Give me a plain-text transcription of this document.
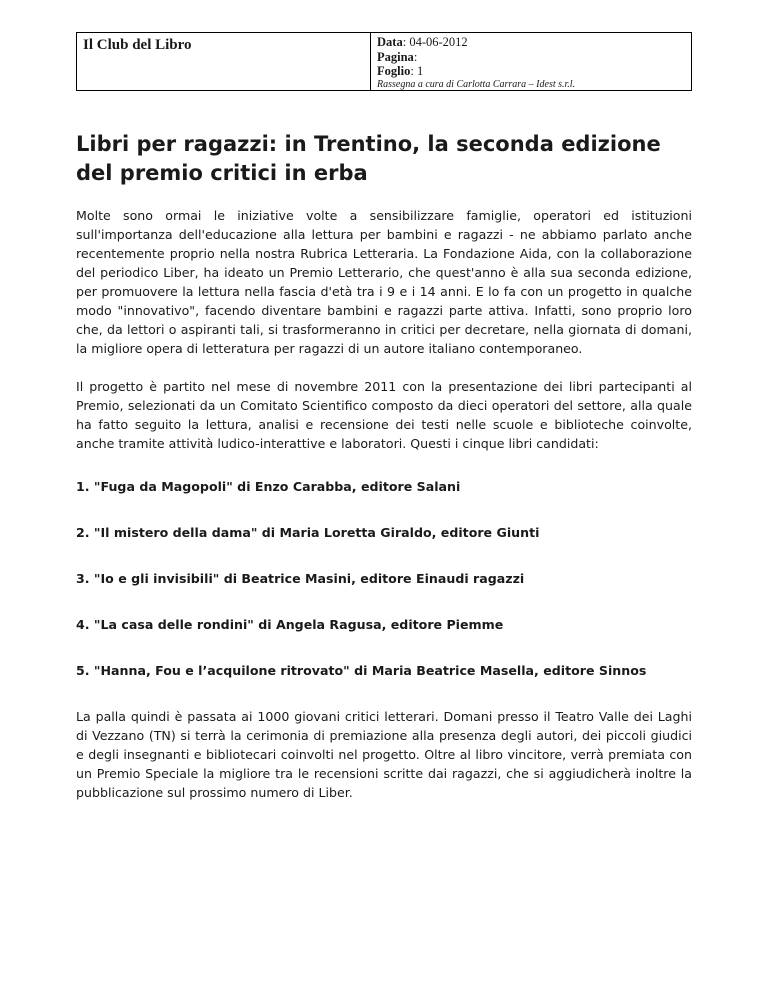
Il Club del Libro	Data: 04-06-2012
Pagina:
Foglio: 1
Rassegna a cura di Carlotta Carrara – Idest s.r.l.
Libri per ragazzi: in Trentino, la seconda edizione del premio critici in erba

Molte sono ormai le iniziative volte a sensibilizzare famiglie, operatori ed istituzioni sull'importanza dell'educazione alla lettura per bambini e ragazzi - ne abbiamo parlato anche recentemente proprio nella nostra Rubrica Letteraria. La Fondazione Aida, con la collaborazione del periodico Liber, ha ideato un Premio Letterario, che quest'anno è alla sua seconda edizione, per promuovere la lettura nella fascia d'età tra i 9 e i 14 anni. E lo fa con un progetto in qualche modo "innovativo", facendo diventare bambini e ragazzi parte attiva. Infatti, sono proprio loro che, da lettori o aspiranti tali, si trasformeranno in critici per decretare, nella giornata di domani, la migliore opera di letteratura per ragazzi di un autore italiano contemporaneo.

Il progetto è partito nel mese di novembre 2011 con la presentazione dei libri partecipanti al Premio, selezionati da un Comitato Scientifico composto da dieci operatori del settore, alla quale ha fatto seguito la lettura, analisi e recensione dei testi nelle scuole e biblioteche coinvolte, anche tramite attività ludico-interattive e laboratori. Questi i cinque libri candidati:

1. "Fuga da Magopoli" di Enzo Carabba, editore Salani

2. "Il mistero della dama" di Maria Loretta Giraldo, editore Giunti

3. "Io e gli invisibili" di Beatrice Masini, editore Einaudi ragazzi

4. "La casa delle rondini" di Angela Ragusa, editore Piemme

5. "Hanna, Fou e l’acquilone ritrovato" di Maria Beatrice Masella, editore Sinnos

La palla quindi è passata ai 1000 giovani critici letterari. Domani presso il Teatro Valle dei Laghi di Vezzano (TN) si terrà la cerimonia di premiazione alla presenza degli autori, dei piccoli giudici e degli insegnanti e bibliotecari coinvolti nel progetto. Oltre al libro vincitore, verrà premiata con un Premio Speciale la migliore tra le recensioni scritte dai ragazzi, che si aggiudicherà inoltre la pubblicazione sul prossimo numero di Liber.
